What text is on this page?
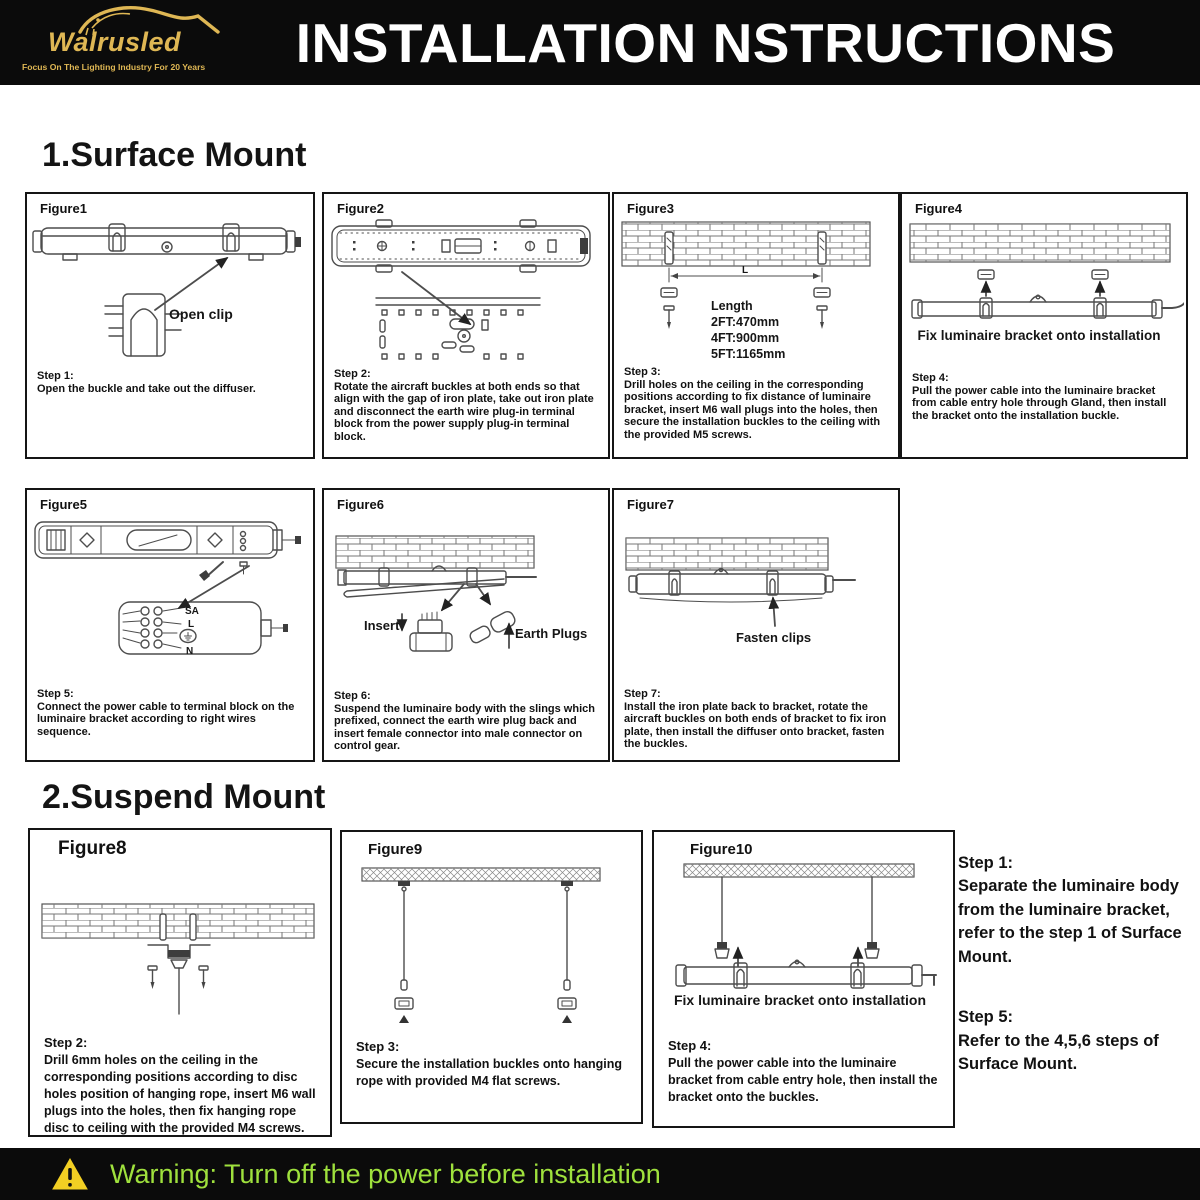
Walrusled
Focus On The Lighting Industry For 20 Years	INSTALLATION NSTRUCTIONS
1.Surface Mount
Figure1
Open clip
Step 1:
Open the buckle and take out the diffuser.
Figure2
Step 2:
Rotate the aircraft buckles at both ends so that align with the gap of iron plate, take out iron plate and disconnect the earth wire plug-in terminal block from the power supply plug-in terminal block.
Figure3
L
Length
2FT:470mm
4FT:900mm
5FT:1165mm
Step 3:
Drill holes on the ceiling in the corresponding positions according to fix distance of luminaire bracket, insert M6 wall plugs into the holes, then secure the installation buckles to the ceiling with the provided M5 screws.
Figure4
Fix luminaire bracket onto installation
Step 4:
Pull the power cable into the luminaire bracket from cable entry hole through Gland, then install the bracket onto the installation buckle.
Figure5
SA
L
N
Step 5:
Connect the power cable to terminal block on the luminaire bracket according to right wires sequence.
Figure6
Insert
Earth Plugs
Step 6:
Suspend the luminaire body with the slings which prefixed, connect the earth wire plug back and insert female connector into male connector on control gear.
Figure7
Fasten clips
Step 7:
Install the iron plate back to bracket, rotate the aircraft buckles on both ends of bracket to fix iron plate, then install the diffuser onto bracket, fasten the buckles.
2.Suspend Mount
Figure8
Step 2:
Drill 6mm holes on the ceiling in the corresponding positions according to disc holes position of hanging rope, insert M6 wall plugs into the holes, then fix hanging rope disc to ceiling with the provided M4 screws.
Figure9
Step 3:
Secure the installation buckles onto hanging rope with provided M4 flat screws.
Figure10
Fix luminaire bracket onto installation
Step 4:
Pull the power cable into the luminaire bracket from cable entry hole, then install the bracket onto the buckles.
Step 1:
Separate the luminaire body from the luminaire bracket, refer to the step 1 of Surface Mount.
Step 5:
Refer to the 4,5,6 steps of Surface Mount.
Warning: Turn off the power before installation
